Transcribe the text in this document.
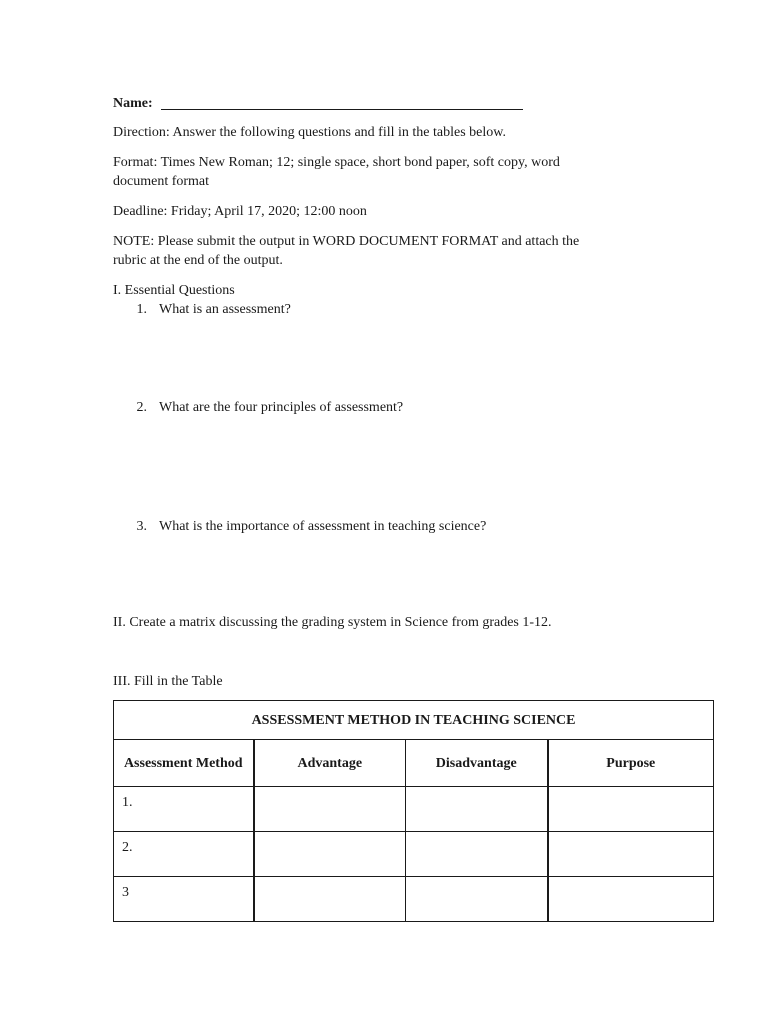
Name:
Direction: Answer the following questions and fill in the tables below.
Format: Times New Roman; 12; single space, short bond paper, soft copy, word
document format
Deadline: Friday; April 17, 2020; 12:00 noon
NOTE: Please submit the output in WORD DOCUMENT FORMAT and attach the
rubric at the end of the output.
I. Essential Questions
1. What is an assessment?
2. What are the four principles of assessment?
3. What is the importance of assessment in teaching science?
II. Create a matrix discussing the grading system in Science from grades 1-12.
III. Fill in the Table
ASSESSMENT METHOD IN TEACHING SCIENCE			
Assessment Method	Advantage	Disadvantage	Purpose
1.			
2.			
3			
